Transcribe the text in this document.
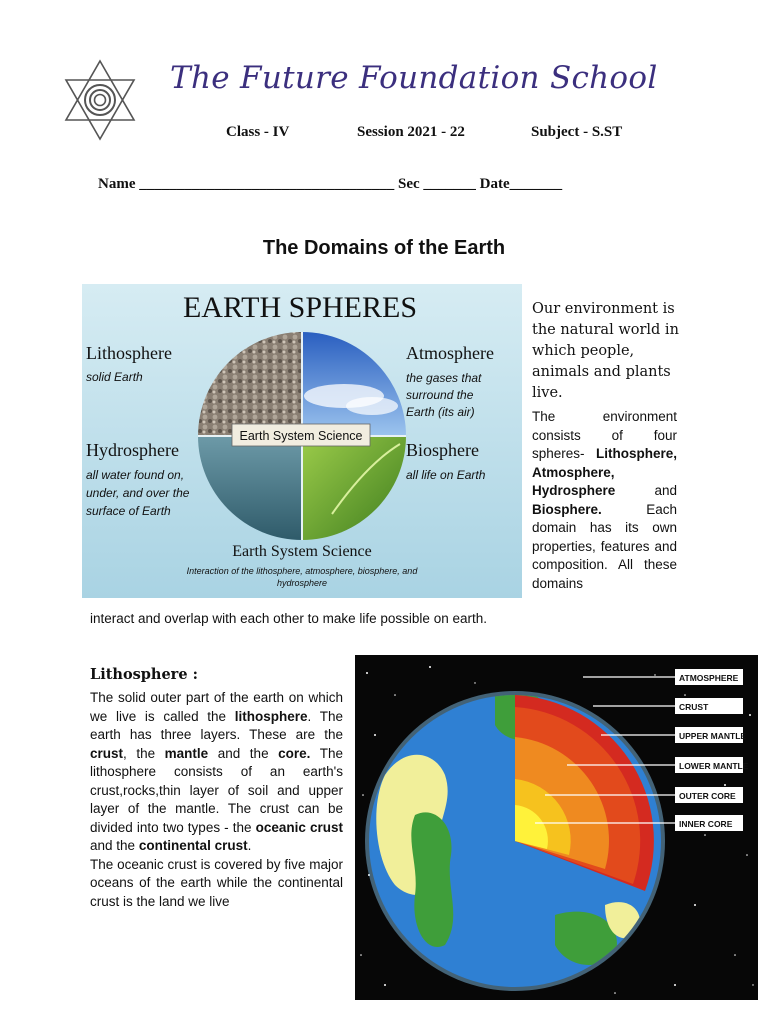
The Future Foundation School
Class - IV	Session 2021 - 22	Subject - S.ST
Name __________________________________ Sec _______ Date_______
The Domains of the Earth
EARTH SPHERES
Earth System Science
Lithosphere
solid Earth
Atmosphere
the gases that
surround the
Earth (its air)
Hydrosphere
all water found on,
under, and over the
surface of Earth
Biosphere
all life on Earth
Earth System Science
Interaction of the lithosphere, atmosphere, biosphere, and
hydrosphere
Our environment is the natural world in which people, animals and plants live.
The environment consists of four spheres- Lithosphere, Atmosphere, Hydrosphere	and Biosphere.	Each domain has its own properties, features and composition. All these domains
interact and overlap with each other to make life possible on earth.
Lithosphere :
The solid outer part of the earth on which we live is called the lithosphere. The earth has three layers. These are the crust, the mantle and the core. The lithosphere consists of an earth's crust,rocks,thin layer of soil and upper layer of the mantle. The crust can be divided into two types - the oceanic crust and the continental crust.
The oceanic crust is covered by five major oceans of the earth while the continental crust is the land we live
ATMOSPHERE
CRUST
UPPER MANTLE
LOWER MANTLE
OUTER CORE
INNER CORE
